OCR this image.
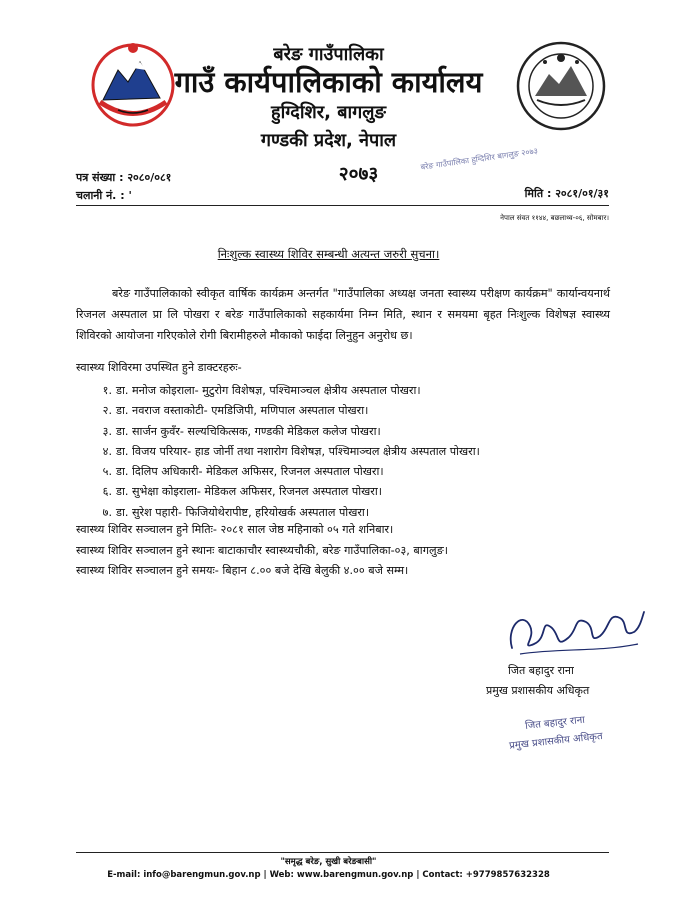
बरेङ गाउँपालिका
गाउँ कार्यपालिकाको कार्यालय
हुग्दिशिर, बागलुङ
गण्डकी प्रदेश, नेपाल
२०७३
बरेङ गाउँपालिका हुग्दिशिर बागलुङ २०७३
पत्र संख्या : २०८०/०८१
चलानी नं. : '	मिति : २०८१/०१/३१
नेपाल संवत ११४४, बछलाथ्व-०६, सोमबार।
निःशुल्क स्वास्थ्य शिविर सम्बन्धी अत्यन्त जरुरी सुचना।

बरेङ गाउँपालिकाको स्वीकृत वार्षिक कार्यक्रम अन्तर्गत "गाउँपालिका अध्यक्ष जनता स्वास्थ्य परीक्षण कार्यक्रम" कार्यान्वयनार्थ रिजनल अस्पताल प्रा लि पोखरा र बरेङ गाउँपालिकाको सहकार्यमा निम्न मिति, स्थान र समयमा बृहत निःशुल्क विशेषज्ञ स्वास्थ्य शिविरको आयोजना गरिएकोले रोगी बिरामीहरुले मौकाको फाईदा लिनुहुन अनुरोध छ।

स्वास्थ्य शिविरमा उपस्थित हुने डाक्टरहरुः-
१. डा. मनोज कोइराला- मुटुरोग विशेषज्ञ, पश्चिमाञ्चल क्षेत्रीय अस्पताल पोखरा।
२. डा. नवराज वस्ताकोटी- एमडिजिपी, मणिपाल अस्पताल पोखरा।
३. डा. सार्जन कुवँर- सल्यचिकित्सक, गण्डकी मेडिकल कलेज पोखरा।
४. डा. विजय परियार- हाड जोर्नी तथा नशारोग विशेषज्ञ, पश्चिमाञ्चल क्षेत्रीय अस्पताल पोखरा।
५. डा. दिलिप अधिकारी- मेडिकल अफिसर, रिजनल अस्पताल पोखरा।
६. डा. सुभेक्षा कोइराला- मेडिकल अफिसर, रिजनल अस्पताल पोखरा।
७. डा. सुरेश पहारी- फिजियोथेरापीष्ट, हरियोखर्क अस्पताल पोखरा।
स्वास्थ्य शिविर सञ्चालन हुने मितिः- २०८१ साल जेष्ठ महिनाको ०५ गते शनिबार।
स्वास्थ्य शिविर सञ्चालन हुने स्थानः बाटाकाचौर स्वास्थ्यचौकी, बरेङ गाउँपालिका-०३, बागलुङ।
स्वास्थ्य शिविर सञ्चालन हुने समयः- बिहान ८.०० बजे देखि बेलुकी ४.०० बजे सम्म।
जित बहादुर राना
प्रमुख प्रशासकीय अधिकृत
जित बहादुर राना
प्रमुख प्रशासकीय अधिकृत
"समृद्ध बरेङ, सुखी बरेङबासी"
E-mail: info@barengmun.gov.np | Web: www.barengmun.gov.np | Contact: +9779857632328
